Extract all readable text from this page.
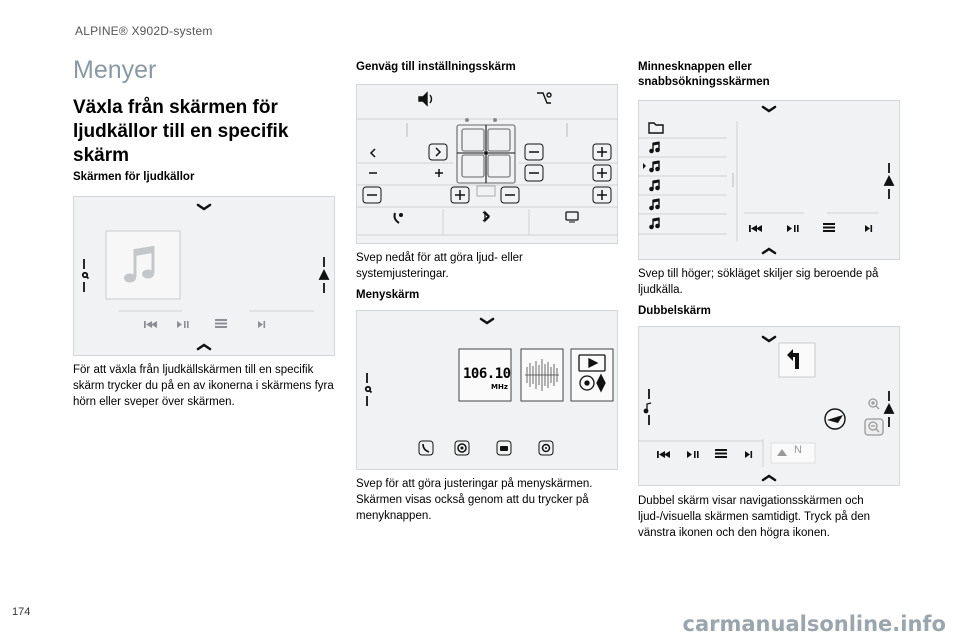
ALPINE® X902D-system
Menyer
Växla från skärmen för ljudkällor till en specifik skärm
Skärmen för ljudkällor
För att växla från ljudkällskärmen till en specifik skärm trycker du på en av ikonerna i skärmens fyra hörn eller sveper över skärmen.
Genväg till inställningsskärm
Svep nedåt för att göra ljud- eller systemjusteringar.
Menyskärm
106.10
MHz
Svep för att göra justeringar på menyskärmen. Skärmen visas också genom att du trycker på menyknappen.
Minnesknappen eller snabbsökningsskärmen
Svep till höger; sökläget skiljer sig beroende på ljudkälla.
Dubbelskärm
N
Dubbel skärm visar navigationsskärmen och ljud-/visuella skärmen samtidigt. Tryck på den vänstra ikonen och den högra ikonen.
174	carmanualsonline.info
